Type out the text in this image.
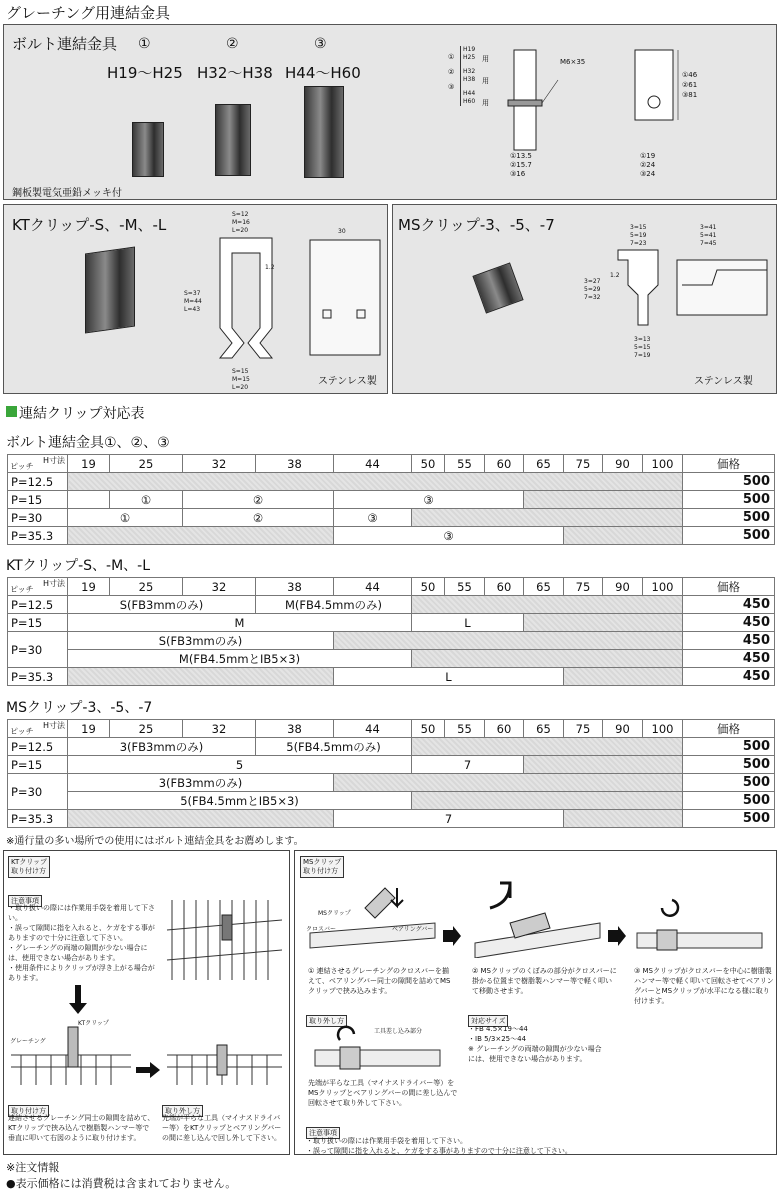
グレーチング用連結金具
ボルト連結金具 ①	②	③
H19～H25 H32～H38 H44～H60
鋼板製電気亜鉛メッキ付
①
②
③
H19
H25
H32
H38
H44
H60
用
用
用
M6×35
①13.5
②15.7
③16
①46
②61
③81
①19
②24
③24
KTクリップ-S、-M、-L
S=12
M=16
L=20
S=37
M=44
L=43
S=15
M=15
L=20
1.2
30
ステンレス製
MSクリップ-3、-5、-7	3=15
5=19
7=23
3=27
5=29
7=32
3=13
5=15
7=19
1.2
3=41
5=41
7=45
ステンレス製
連結クリップ対応表
ボルト連結金具①、②、③
H寸法
ピッチ	19	25	32	38	44	50	55	60	65	75	90	100	価格
P=12.5													500
P=15		①	②		③								500
P=30	①		②		③								500
P=35.3					③								500
KTクリップ-S、-M、-L
H寸法
ピッチ	19	25	32	38	44	50	55	60	65	75	90	100	価格
P=12.5	S(FB3mmのみ)			M(FB4.5mmのみ)									450
P=15	M					L							450
P=30	S(FB3mmのみ)												450
	M(FB4.5mmとIB5×3)												450
P=35.3					L								450
MSクリップ-3、-5、-7
H寸法
ピッチ	19	25	32	38	44	50	55	60	65	75	90	100	価格
P=12.5	3(FB3mmのみ)			5(FB4.5mmのみ)									500
P=15	5					7							500
P=30	3(FB3mmのみ)												500
	5(FB4.5mmとIB5×3)												500
P=35.3					7								500
※通行量の多い場所での使用にはボルト連結金具をお薦めします。
KTクリップ
取り付け方
注意事項
・取り扱いの際には作業用手袋を着用して下さい。
・誤って隙間に指を入れると、ケガをする事がありますので十分に注意して下さい。
・グレーチングの両端の隙間が少ない場合には、使用できない場合があります。
・使用条件によりクリップが浮き上がる場合があります。
KTクリップ
グレーチング
取り付け方
連結させるグレーチング同士の隙間を詰めて、KTクリップで挟み込んで樹脂製ハンマー等で垂直に叩いて右図のように取り付けます。
取り外し方
先端が平らな工具（マイナスドライバー等）をKTクリップとベアリングバーの間に差し込んで回し外して下さい。
MSクリップ
取り付け方
MSクリップ
クロスバー	ベアリングバー
① 連結させるグレーチングのクロスバーを揃えて、ベアリングバー同士の隙間を詰めてMSクリップで挟み込みます。
② MSクリップのくぼみの部分がクロスバーに掛かる位置まで樹脂製ハンマー等で軽く叩いて移動させます。
③ MSクリップがクロスバーを中心に樹脂製ハンマー等で軽く叩いて回転させてベアリングバーとMSクリップが水平になる様に取り付けます。
取り外し方
工具差し込み部分
先端が平らな工具（マイナスドライバー等）をMSクリップとベアリングバーの間に差し込んで回転させて取り外して下さい。
対応サイズ
・FB 4.5×19～44
・IB 5/3×25～44
※ グレーチングの両端の隙間が少ない場合には、使用できない場合があります。
注意事項
・取り扱いの際には作業用手袋を着用して下さい。
・誤って隙間に指を入れると、ケガをする事がありますので十分に注意して下さい。
※注文情報
●表示価格には消費税は含まれておりません。
